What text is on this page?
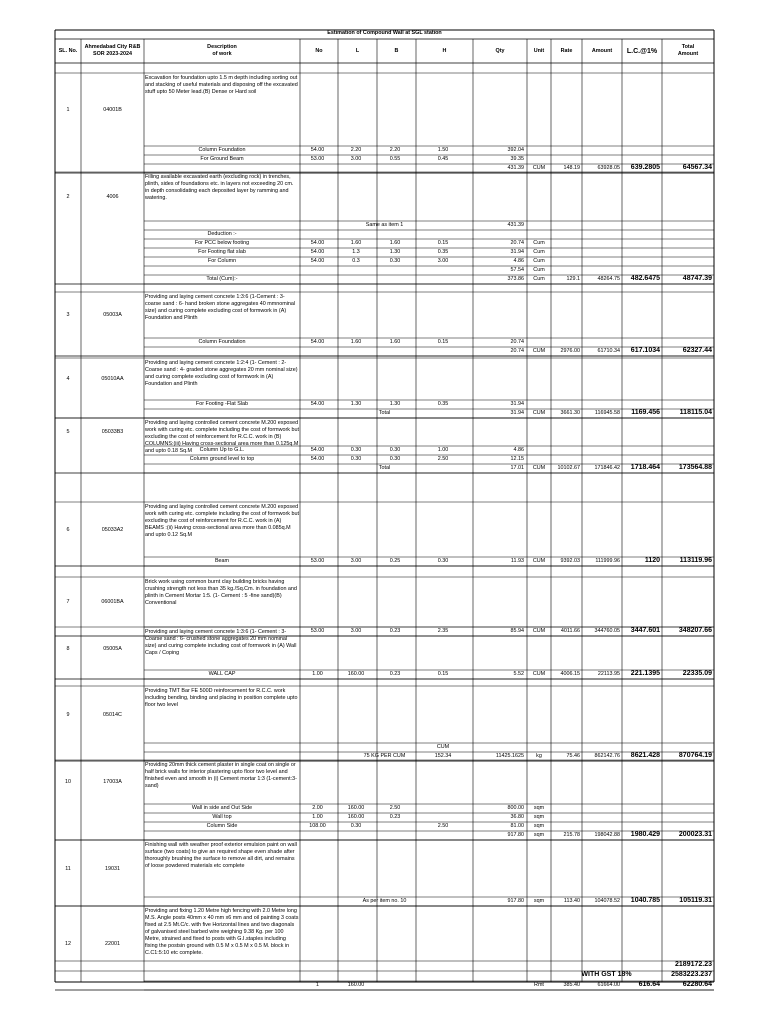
Estimation of Compound Wall at SGL station
SL. No.
Ahmedabad City R&B
SOR 2023-2024
Description
of work	No	L	B	H	Qty	Unit	Rate	Amount	L.C.@1%
Total
Amount
Excavation for foundation upto 1.5 m depth including sorting out and stacking of useful materials and disposing off the excavated stuff upto 50 Meter lead.(B) Dense or Hard soil
1	04001B
Column Foundation	54.00	2.20	2.20	1.50	392.04
For Ground Beam	53.00	3.00	0.55	0.45	39.35
431.39	CUM	148.19	63928.05	639.2805	64567.34
Filling available excavated earth (excluding rock) in trenches, plinth, sides of foundations etc. in layers not exceeding 20 cm. in depth consolidating each deposited layer by ramming and watering.
2	4006
Same as item 1	431.39
Deduction :-
For PCC below footing	54.00	1.60	1.60	0.15	20.74	Cum
For Footing flat slab	54.00	1.3	1.30	0.35	31.94	Cum
For Column	54.00	0.3	0.30	3.00	4.86	Cum
57.54	Cum
Total (Cum):-	373.86	Cum	129.1	48264.75	482.6475	48747.39
Providing and laying cement concrete 1:3:6 (1-Cement : 3- coarse sand : 6- hand broken stone aggregates 40 mmnominal size) and curing complete excluding cost of formwork in (A) Foundation and Plinth
3	05003A
Column Foundation	54.00	1.60	1.60	0.15	20.74
20.74	CUM	2976.00	61710.34	617.1034	62327.44
Providing and laying cement concrete 1:2:4 (1- Cement : 2- Coarse sand : 4- graded stone aggregates 20 mm nominal size) and curing complete excluding cost of formwork in (A) Foundation and Plinth
4	05010AA
For Footing -Flat Slab	54.00	1.30	1.30	0.35	31.94
Total	31.94	CUM	3661.30	116945.58	1169.456	118115.04
Providing and laying controlled cement concrete M.200 exposed work with curing etc. complete including the cost of formwork but excluding the cost of reinforcement for R.C.C. work in (B) COLUMNS:(iii) Having cross-sectional area more than 0.125q.M and upto 0.18 Sq.M
5	05033B3
Column Up to G.L.	54.00	0.30	0.30	1.00	4.86
Column ground level to top	54.00	0.30	0.30	2.50	12.15
Total	17.01	CUM	10102.67	171846.42	1718.464	173564.88
Providing and laying controlled cement concrete M.200 exposed work with curing etc. complete including the cost of formwork but excluding the cost of reinforcement for R.C.C. work in (A) BEAMS :(ii) Having cross-sectional area more than 0.085q.M and upto 0.12 Sq.M
6	05033A2
Beam	53.00	3.00	0.25	0.30	11.93	CUM	9392.03	111999.96	1120	113119.96
Brick work using common burnt clay building bricks having crushing strength not less than 35 kg./Sq.Cm. in foundation and plinth in Cement Mortar 1:5. (1- Cement : 5 -fine sand)(B) Conventional
7	06001BA
53.00	3.00	0.23	2.35	85.94	CUM	4011.66	344760.05	3447.601	348207.66
Providing and laying cement concrete 1:3:6 (1- Cement : 3- Coarse sand : 6- crushed stone aggregates 20 mm nominal size) and curing complete including cost of formwork in (A) Wall Caps / Coping
8	05005A
WALL CAP	1.00	160.00	0.23	0.15	5.52	CUM	4006.15	22113.95	221.1395	22335.09
Providing TMT Bar FE 500D reinforcement for R.C.C. work including bending, binding and placing in position complete upto floor two level
9	05014C
CUM
75 KG PER CUM	152.34	11425.1625	kg	75.46	862142.76	8621.428	870764.19
Providing 20mm thick cement plaster in single coat on single or half brick walls for interior plastering upto floor two level and finished even and smooth in (i) Cement mortar 1:3 (1-cement:3-sand)
10	17003A
Wall in side and Out Side	2.00	160.00	2.50	800.00	sqm
Wall top	1.00	160.00	0.23	36.80	sqm
Column Side	108.00	0.30	2.50	81.00	sqm
917.80	sqm	215.78	198042.88	1980.429	200023.31
Finishing wall with weather proof exterior emulsion paint on wall surface (two coats) to give an required shape even shade after thoroughly brushing the surface to remove all dirt, and remains of loose powdered materials etc complete
11	19031
As per item no. 10	917.80	sqm	113.40	104078.52	1040.785	105119.31
Providing and fixing 1.20 Metre high fencing with 2.0 Metre long M.S. Angle posts 40mm x 40 mm x6 mm and oil painting 3 coats fixed at 2.5 Mt.C/c. with five Horizontal lines and two diagonals of galvanised steel barbed wire weighing 9.38 Kg. per 100 Metre, strained and fixed to posts with G.I.staples including fixing the postsin ground with 0.5 M x 0.5 M x 0.5 M. block in C.C1:5:10 etc complete.
12	22001
1	160.00	Rmt	385.40	61664.00	616.64	62280.64
2189172.23
WITH GST 18%	2583223.237
